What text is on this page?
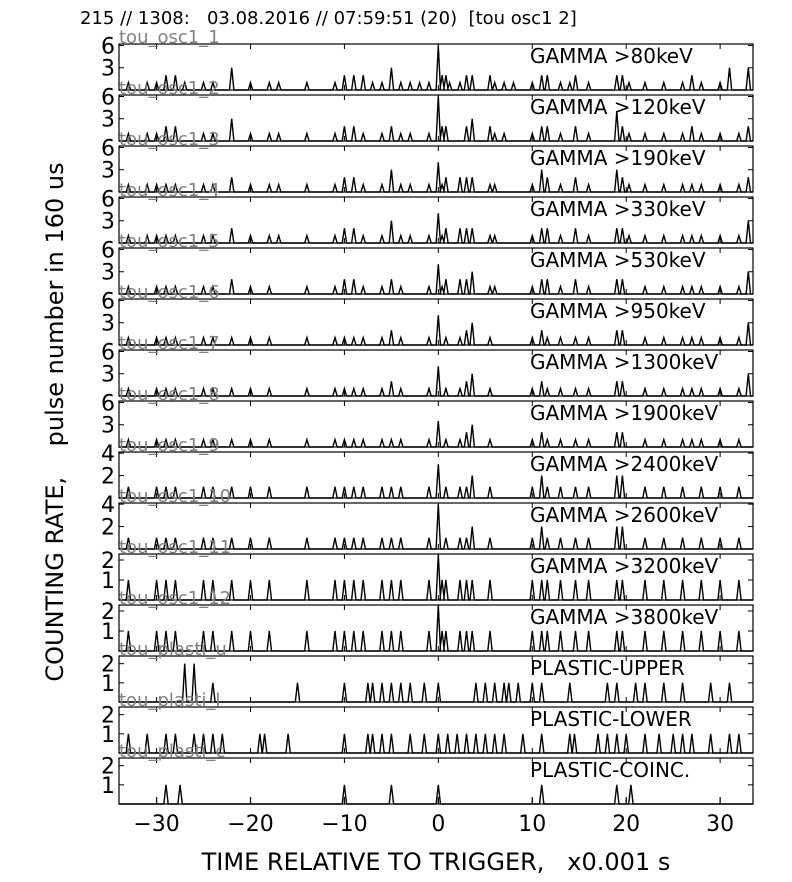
215 // 1308:   03.08.2016 // 07:59:51 (20)  [tou osc1 2]
COUNTING RATE,    pulse number in 160 us
TIME RELATIVE TO TRIGGER,   x0.001 s
3
6	GAMMA >80keV
tou_osc1_1
3
6	GAMMA >120keV
tou_osc1_2
3
6	GAMMA >190keV
tou_osc1_3
3
6	GAMMA >330keV
tou_osc1_4
3
6	GAMMA >530keV
tou_osc1_5
3
6	GAMMA >950keV
tou_osc1_6
3
6	GAMMA >1300keV
tou_osc1_7
3
6	GAMMA >1900keV
tou_osc1_8
2
4	GAMMA >2400keV
tou_osc1_9
2
4	GAMMA >2600keV
tou_osc1_10
1
2	GAMMA >3200keV
tou_osc1_11
1
2	GAMMA >3800keV
tou_osc1_12
1
2	PLASTIC-UPPER
tou_plasti_u
1
2	PLASTIC-LOWER
tou_plasti_l
1
2	PLASTIC-COINC.
tou_plasti_c
−30 −20 −10	0	10	20	30
